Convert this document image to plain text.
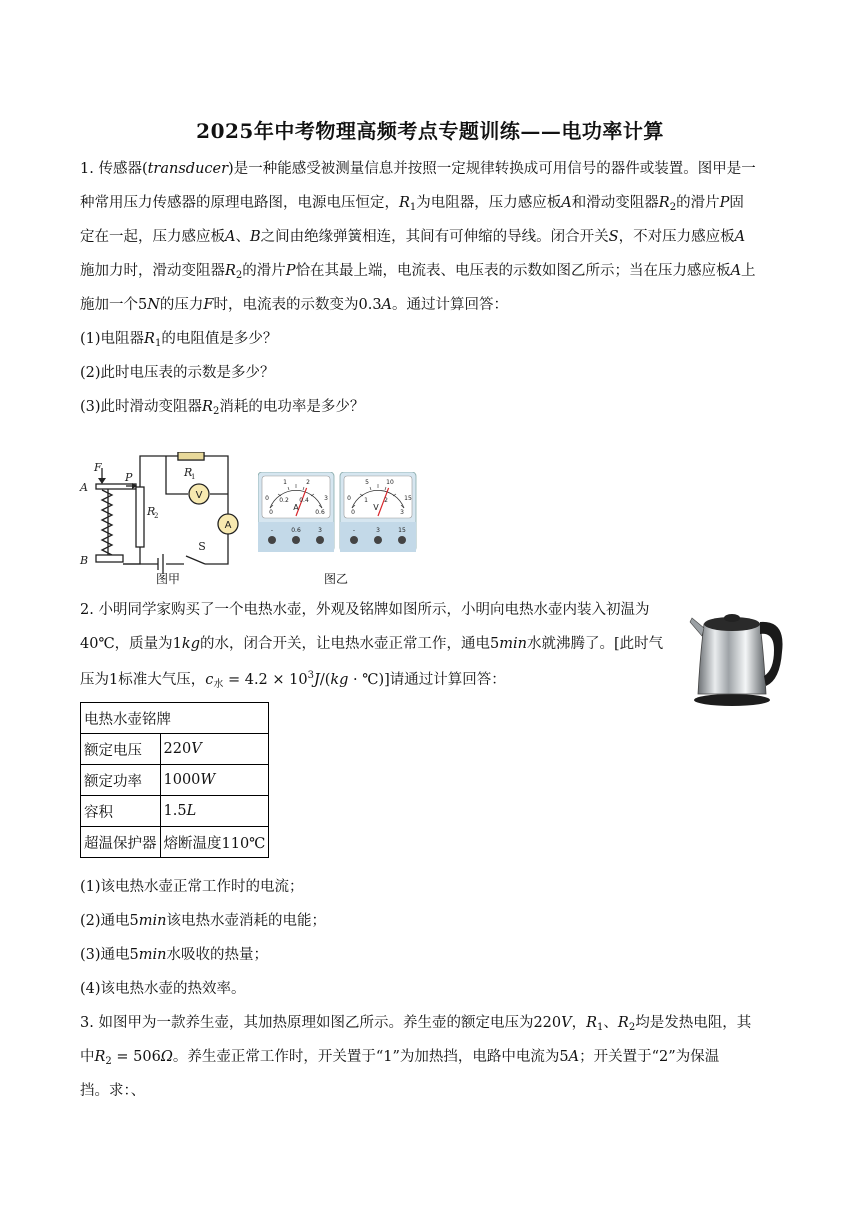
2025年中考物理高频考点专题训练——电功率计算
1. 传感器(transducer)是一种能感受被测量信息并按照一定规律转换成可用信号的器件或装置。图甲是一
种常用压力传感器的原理电路图，电源电压恒定，$R_1$为电阻器，压力感应板A和滑动变阻器$R_2$的滑片P固
定在一起，压力感应板A、B之间由绝缘弹簧相连，其间有可伸缩的导线。闭合开关S，不对压力感应板A
施加力时，滑动变阻器$R_2$的滑片P恰在其最上端，电流表、电压表的示数如图乙所示；当在压力感应板A上
施加一个5N的压力F时，电流表的示数变为0.3A。通过计算回答：
(1)电阻器$R_1$的电阻值是多少？
(2)此时电压表的示数是多少？
(3)此时滑动变阻器$R_2$消耗的电功率是多少？
F
A
P
B
R
R
1
2
V
A
S
图甲
0
1	2
3
0
0.2 0.4
0.6
A
-	0.6	3
0
5	10
15
0
1	2
3
V
-	3	15
图乙
2. 小明同学家购买了一个电热水壶，外观及铭牌如图所示，小明向电热水壶内装入初温为
40℃，质量为1kg的水，闭合开关，让电热水壶正常工作，通电5min水就沸腾了。[此时气
压为1标准大气压，$c_水 = 4.2 \times 10^3J/(kg$ · ℃)]请通过计算回答：
电热水壶铭牌	
额定电压	220V
额定功率	1000W
容积	1.5L
超温保护器	熔断温度110℃
(1)该电热水壶正常工作时的电流；
(2)通电5min该电热水壶消耗的电能；
(3)通电5min水吸收的热量；
(4)该电热水壶的热效率。
3. 如图甲为一款养生壶，其加热原理如图乙所示。养生壶的额定电压为220V，$R_1$、$R_2$均是发热电阻，其
中$R_2 = 506\Omega$。养生壶正常工作时，开关置于“1”为加热挡，电路中电流为5A；开关置于“2”为保温
挡。求：、
